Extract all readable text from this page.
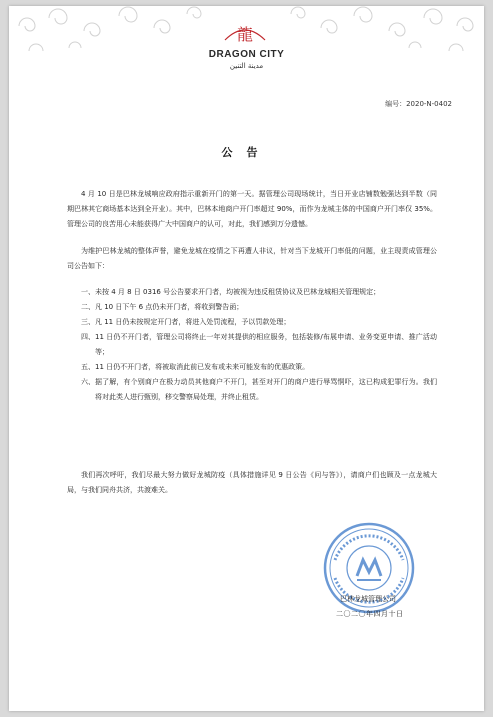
龍
DRAGON CITY
مدينة التنين
编号：2020-N-0402
公告
4 月 10 日是巴林龙城响应政府指示重新开门的第一天。据管理公司现场统计，当日开业店铺数勉强达到半数（同期巴林其它商场基本达到全开业）。其中，巴林本地商户开门率超过 90%，而作为龙城主体的中国商户开门率仅 35%。管理公司的良苦用心未能获得广大中国商户的认可，对此，我们感到万分遗憾。
为维护巴林龙城的整体声誉，避免龙城在疫情之下再遭人非议，针对当下龙城开门率低的问题，业主现责成管理公司公告如下：
一、 未按 4 月 8 日 0316 号公告要求开门者，均被视为违反租赁协议及巴林龙城相关管理规定；
二、 凡 10 日下午 6 点仍未开门者，将收到警告函；
三、 凡 11 日仍未按规定开门者，将进入处罚流程，予以罚款处理；
四、 11 日仍不开门者，管理公司将终止一年对其提供的相应服务，包括装修/布展申请、业务变更申请、推广活动等；
五、 11 日仍不开门者，将被取消此前已发布或未来可能发布的优惠政策。
六、 据了解，有个别商户在极力动员其他商户不开门，甚至对开门的商户进行辱骂恫吓，这已构成犯罪行为。我们将对此类人进行甄别，移交警察局处理，并终止租赁。
我们再次呼吁，我们尽最大努力做好龙城防疫（具体措施详见 9 日公告《问与答》），请商户们也顾及一点龙城大局，与我们同舟共济，共渡难关。
巴林龙城管理公司
二〇二〇年四月十日
